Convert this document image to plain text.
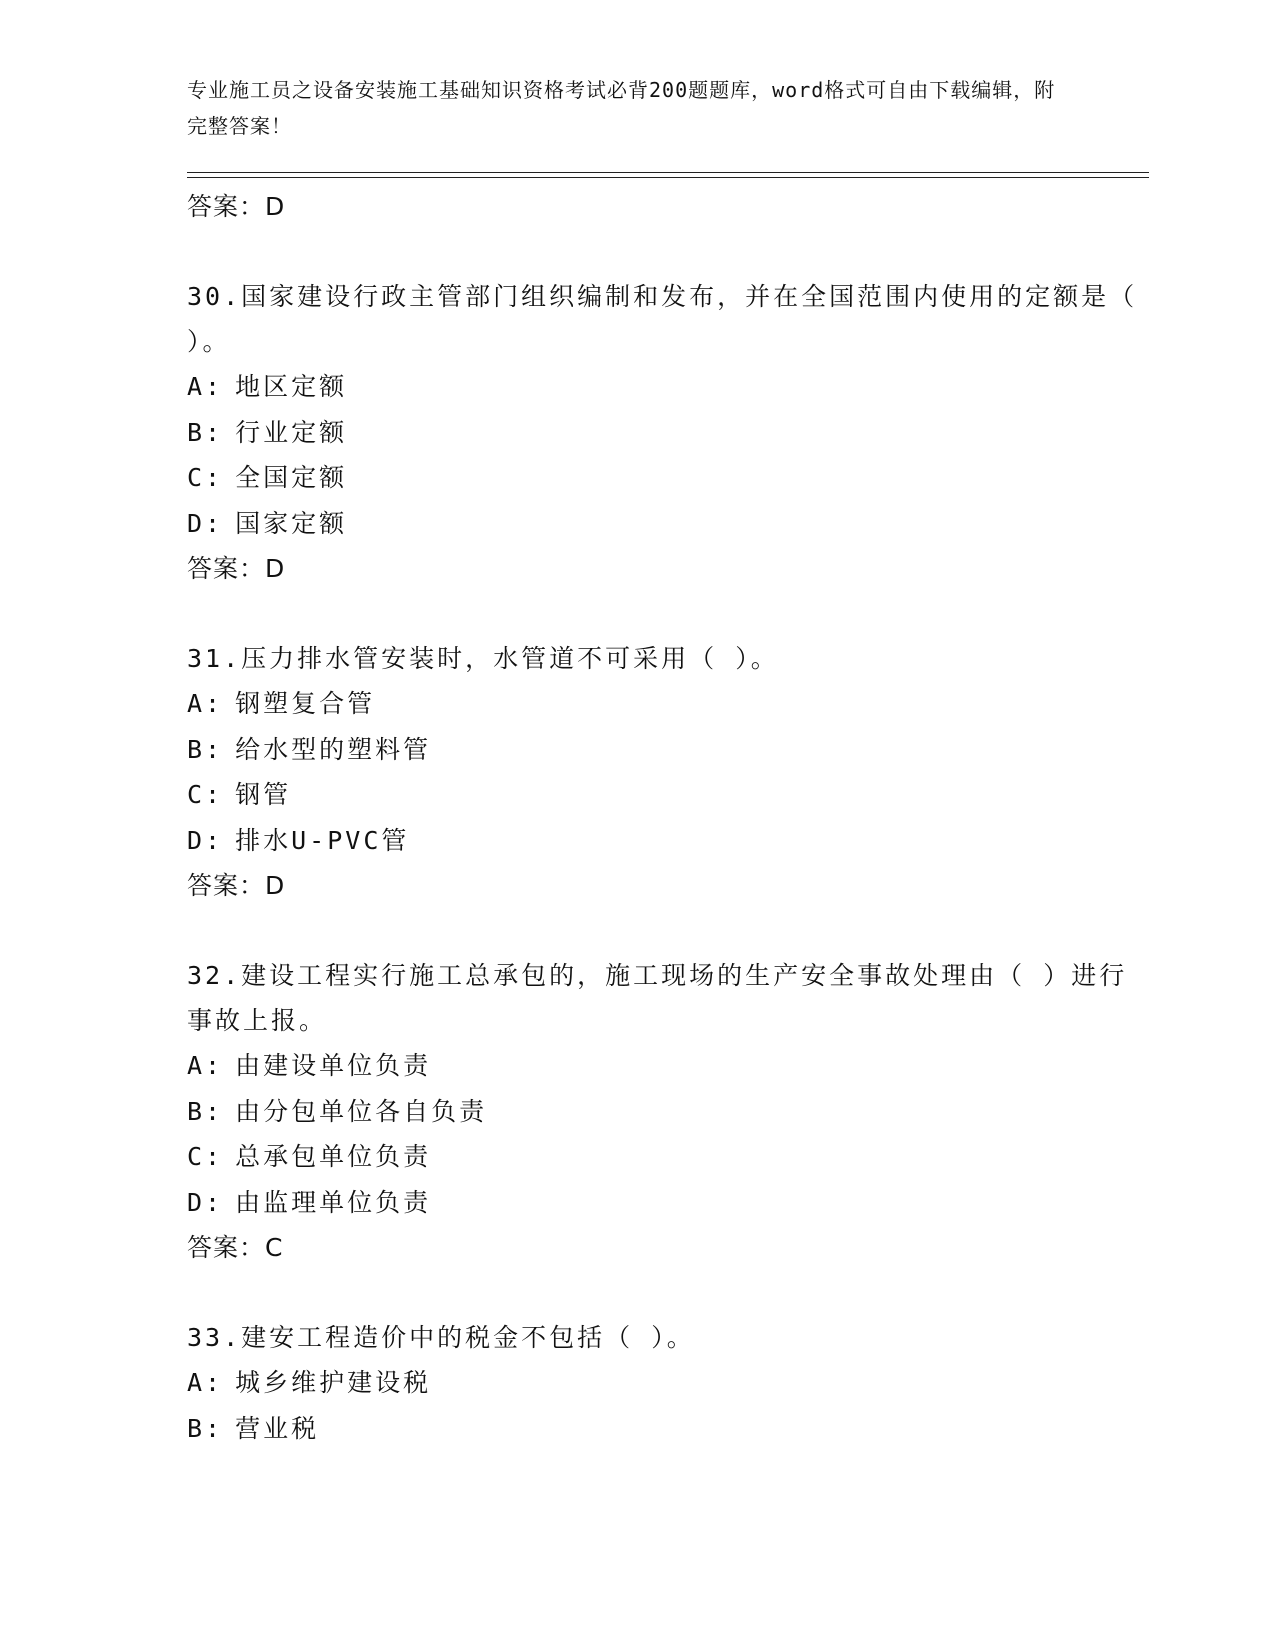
专业施工员之设备安装施工基础知识资格考试必背200题题库，word格式可自由下载编辑，附完整答案！
答案：D
30.国家建设行政主管部门组织编制和发布，并在全国范围内使用的定额是（ ）。
A: 地区定额
B: 行业定额
C: 全国定额
D: 国家定额
答案：D
31.压力排水管安装时，水管道不可采用（ ）。
A: 钢塑复合管
B: 给水型的塑料管
C: 钢管
D: 排水U-PVC管
答案：D
32.建设工程实行施工总承包的，施工现场的生产安全事故处理由（ ）进行事故上报。
A: 由建设单位负责
B: 由分包单位各自负责
C: 总承包单位负责
D: 由监理单位负责
答案：C
33.建安工程造价中的税金不包括（ ）。
A: 城乡维护建设税
B: 营业税
